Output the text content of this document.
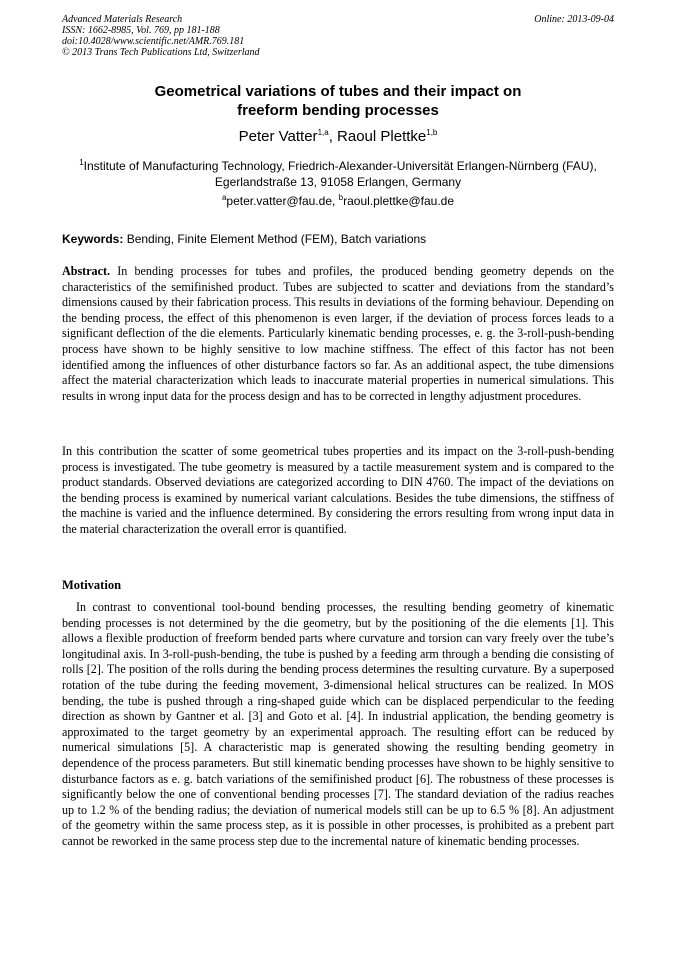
Advanced Materials Research
ISSN: 1662-8985, Vol. 769, pp 181-188
doi:10.4028/www.scientific.net/AMR.769.181
© 2013 Trans Tech Publications Ltd, Switzerland
Online: 2013-09-04
Geometrical variations of tubes and their impact on
freeform bending processes
Peter Vatter$^{1,a}$, Raoul Plettke$^{1,b}$
$^1$Institute of Manufacturing Technology, Friedrich-Alexander-Universität Erlangen-Nürnberg (FAU),
Egerlandstraße 13, 91058 Erlangen, Germany
$^a$peter.vatter@fau.de, $^b$raoul.plettke@fau.de
Keywords: Bending, Finite Element Method (FEM), Batch variations
Abstract. In bending processes for tubes and profiles, the produced bending geometry depends on the characteristics of the semifinished product. Tubes are subjected to scatter and deviations from the standard’s dimensions caused by their fabrication process. This results in deviations of the forming behaviour. Depending on the bending process, the effect of this phenomenon is even larger, if the deviation of process forces leads to a significant deflection of the die elements. Particularly kinematic bending processes, e. g. the 3-roll-push-bending process have shown to be highly sensitive to low machine stiffness. The effect of this factor has not been identified among the influences of other disturbance factors so far. As an additional aspect, the tube dimensions affect the material characterization which leads to inaccurate material properties in numerical simulations. This results in wrong input data for the process design and has to be corrected in lengthy adjustment procedures.
In this contribution the scatter of some geometrical tubes properties and its impact on the 3-roll-push-bending process is investigated. The tube geometry is measured by a tactile measurement system and is compared to the product standards. Observed deviations are categorized according to DIN 4760. The impact of the deviations on the bending process is examined by numerical variant calculations. Besides the tube dimensions, the stiffness of the machine is varied and the influence determined. By considering the errors resulting from wrong input data in the material characterization the overall error is quantified.
Motivation
In contrast to conventional tool-bound bending processes, the resulting bending geometry of kinematic bending processes is not determined by the die geometry, but by the positioning of the die elements [1]. This allows a flexible production of freeform bended parts where curvature and torsion can vary freely over the tube’s longitudinal axis. In 3-roll-push-bending, the tube is pushed by a feeding arm through a bending die consisting of rolls [2]. The position of the rolls during the bending process determines the resulting curvature. By a superposed rotation of the tube during the feeding movement, 3-dimensional helical structures can be realized. In MOS bending, the tube is pushed through a ring-shaped guide which can be displaced perpendicular to the feeding direction as shown by Gantner et al. [3] and Goto et al. [4]. In industrial application, the bending geometry is approximated to the target geometry by an experimental approach. The resulting effort can be reduced by numerical simulations [5]. A characteristic map is generated showing the resulting bending geometry in dependence of the process parameters. But still kinematic bending processes have shown to be highly sensitive to disturbance factors as e. g. batch variations of the semifinished product [6]. The robustness of these processes is significantly below the one of conventional bending processes [7]. The standard deviation of the radius reaches up to 1.2 % of the bending radius; the deviation of numerical models still can be up to 6.5 % [8]. An adjustment of the geometry within the same process step, as it is possible in other processes, is prohibited as a prebent part cannot be reworked in the same process step due to the incremental nature of kinematic bending processes.
